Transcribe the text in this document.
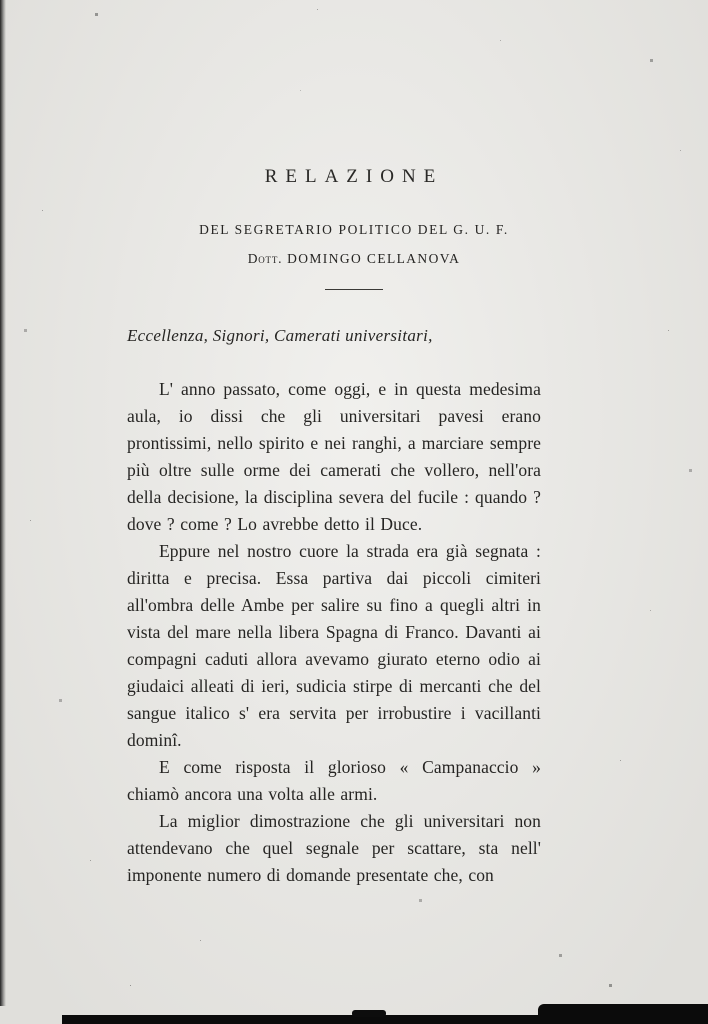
RELAZIONE

DEL SEGRETARIO POLITICO DEL G. U. F.

Dott. DOMINGO CELLANOVA

Eccellenza, Signori, Camerati universitari,

L' anno passato, come oggi, e in questa medesima aula, io dissi che gli universitari pavesi erano prontissimi, nello spirito e nei ranghi, a marciare sempre più oltre sulle orme dei camerati che vollero, nell'ora della decisione, la disciplina severa del fucile : quando ? dove ? come ? Lo avrebbe detto il Duce.

Eppure nel nostro cuore la strada era già segnata : diritta e precisa. Essa partiva dai piccoli cimiteri all'ombra delle Ambe per salire su fino a quegli altri in vista del mare nella libera Spagna di Franco. Davanti ai compagni caduti allora avevamo giurato eterno odio ai giudaici alleati di ieri, sudicia stirpe di mercanti che del sangue italico s' era servita per irrobustire i vacillanti dominî.

E come risposta il glorioso « Campanaccio » chiamò ancora una volta alle armi.

La miglior dimostrazione che gli universitari non attendevano che quel segnale per scattare, sta nell' imponente numero di domande presentate che, con
